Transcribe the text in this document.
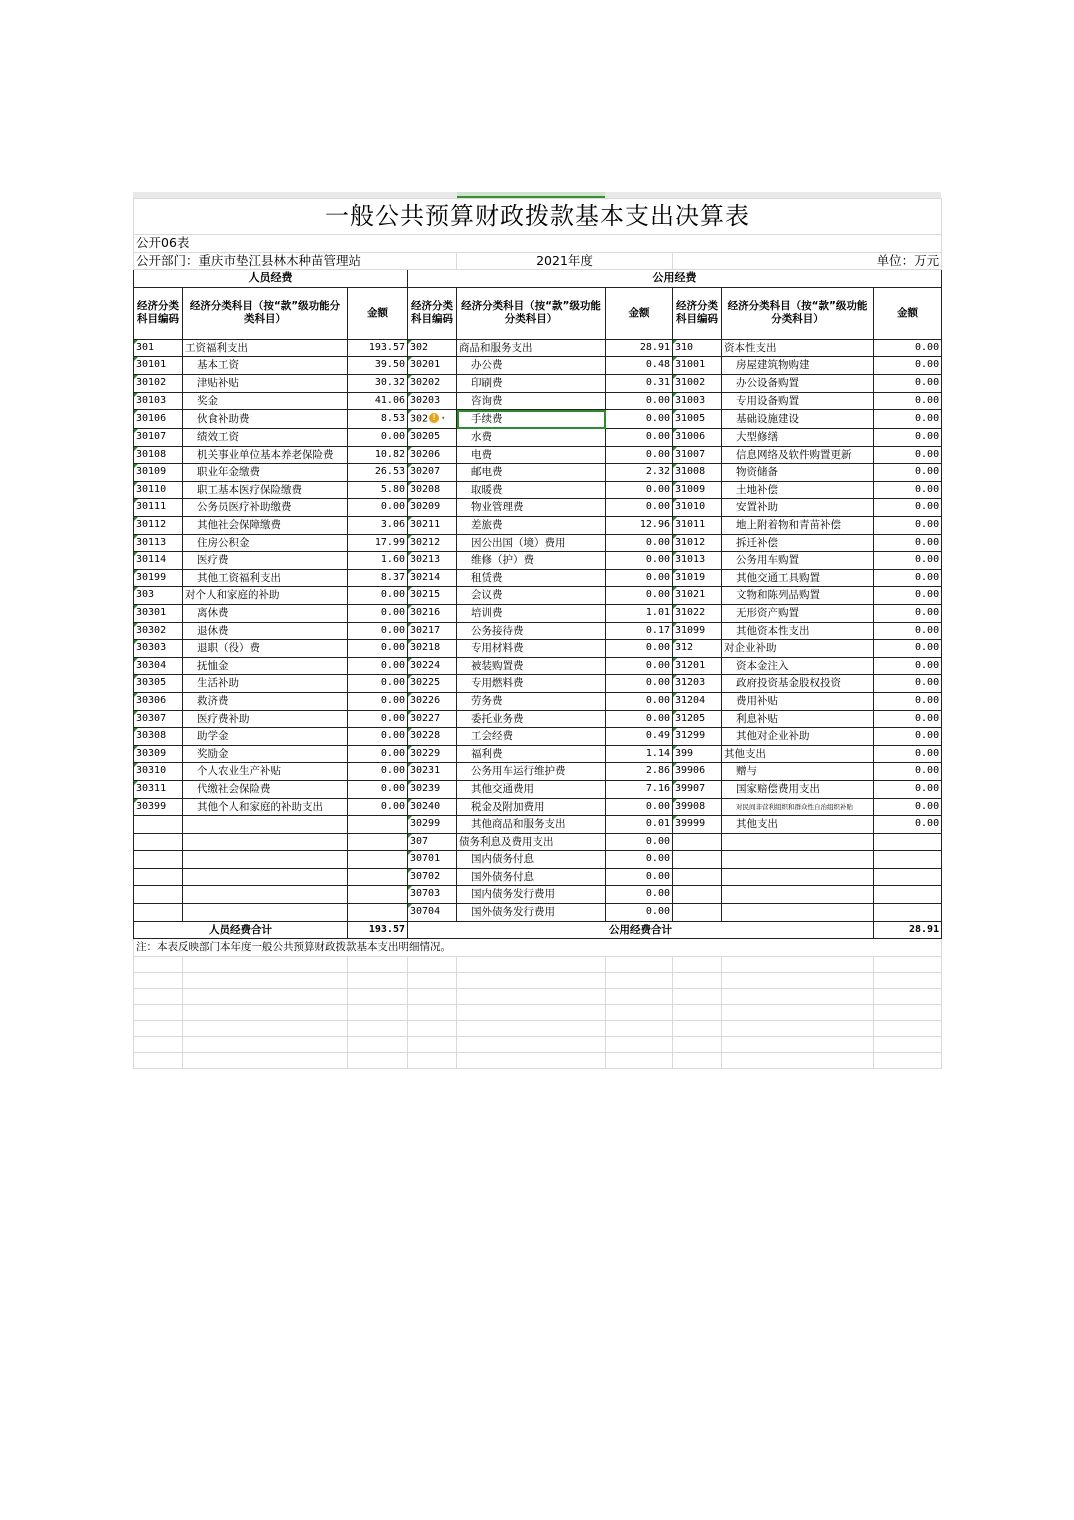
一般公共预算财政拨款基本支出决算表								
公开06表								
公开部门：重庆市垫江县林木种苗管理站				2021年度		单位：万元		
人员经费			公用经费					
经济分类科目编码	经济分类科目（按“款”级功能分类科目）	金额	经济分类科目编码	经济分类科目（按“款”级功能分类科目）	金额	经济分类科目编码	经济分类科目（按“款”级功能分类科目）	金额
301	工资福利支出	193.57	302	商品和服务支出	28.91	310	资本性支出	0.00
30101	基本工资	39.50	30201	办公费	0.48	31001	房屋建筑物购建	0.00
30102	津贴补贴	30.32	30202	印刷费	0.31	31002	办公设备购置	0.00
30103	奖金	41.06	30203	咨询费	0.00	31003	专用设备购置	0.00
30106	伙食补助费	8.53	302 ! ▾	手续费	0.00	31005	基础设施建设	0.00
30107	绩效工资	0.00	30205	水费	0.00	31006	大型修缮	0.00
30108	机关事业单位基本养老保险费	10.82	30206	电费	0.00	31007	信息网络及软件购置更新	0.00
30109	职业年金缴费	26.53	30207	邮电费	2.32	31008	物资储备	0.00
30110	职工基本医疗保险缴费	5.80	30208	取暖费	0.00	31009	土地补偿	0.00
30111	公务员医疗补助缴费	0.00	30209	物业管理费	0.00	31010	安置补助	0.00
30112	其他社会保障缴费	3.06	30211	差旅费	12.96	31011	地上附着物和青苗补偿	0.00
30113	住房公积金	17.99	30212	因公出国（境）费用	0.00	31012	拆迁补偿	0.00
30114	医疗费	1.60	30213	维修（护）费	0.00	31013	公务用车购置	0.00
30199	其他工资福利支出	8.37	30214	租赁费	0.00	31019	其他交通工具购置	0.00
303	对个人和家庭的补助	0.00	30215	会议费	0.00	31021	文物和陈列品购置	0.00
30301	离休费	0.00	30216	培训费	1.01	31022	无形资产购置	0.00
30302	退休费	0.00	30217	公务接待费	0.17	31099	其他资本性支出	0.00
30303	退职（役）费	0.00	30218	专用材料费	0.00	312	对企业补助	0.00
30304	抚恤金	0.00	30224	被装购置费	0.00	31201	资本金注入	0.00
30305	生活补助	0.00	30225	专用燃料费	0.00	31203	政府投资基金股权投资	0.00
30306	救济费	0.00	30226	劳务费	0.00	31204	费用补贴	0.00
30307	医疗费补助	0.00	30227	委托业务费	0.00	31205	利息补贴	0.00
30308	助学金	0.00	30228	工会经费	0.49	31299	其他对企业补助	0.00
30309	奖励金	0.00	30229	福利费	1.14	399	其他支出	0.00
30310	个人农业生产补贴	0.00	30231	公务用车运行维护费	2.86	39906	赠与	0.00
30311	代缴社会保险费	0.00	30239	其他交通费用	7.16	39907	国家赔偿费用支出	0.00
30399	其他个人和家庭的补助支出	0.00	30240	税金及附加费用	0.00	39908	对民间非营利组织和群众性自治组织补贴	0.00
			30299	其他商品和服务支出	0.01	39999	其他支出	0.00
			307	债务利息及费用支出	0.00			
			30701	国内债务付息	0.00			
			30702	国外债务付息	0.00			
			30703	国内债务发行费用	0.00			
			30704	国外债务发行费用	0.00			
人员经费合计		193.57	公用经费合计					28.91
注：本表反映部门本年度一般公共预算财政拨款基本支出明细情况。								
